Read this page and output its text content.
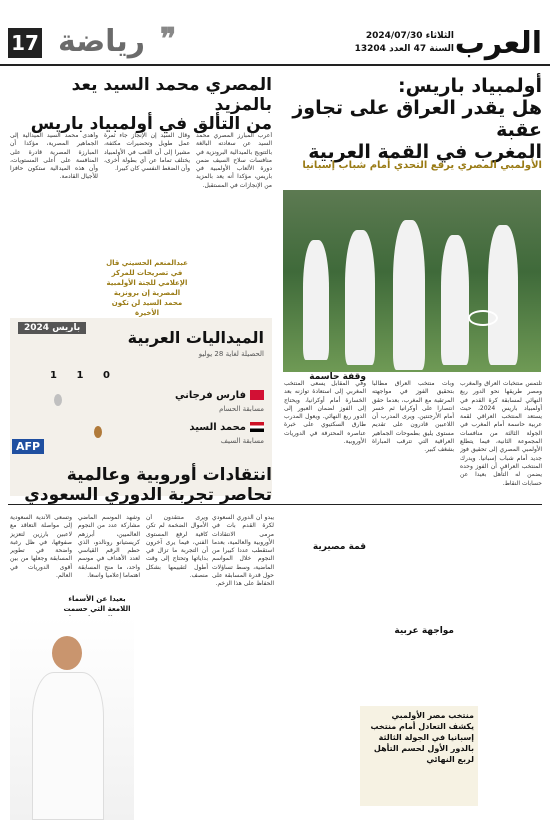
17	❞
رياضة	العرب
الثلاثاء 2024/07/30
السنة 47 العدد 13204
أولمبياد باريس:
هل يقدر العراق على تجاوز عقبة
المغرب في القمة العربية
الأولمبي المصري يرفع التحدي أمام شباب إسبانيا
تلتمس منتخبات العراق والمغرب ومصر طريقها نحو الدور ربع النهائي لمسابقة كرة القدم في أولمبياد باريس 2024، حيث يستعد المنتخب العراقي لقمة عربية حاسمة أمام المغرب في الجولة الثالثة من منافسات المجموعة الثانية، فيما يتطلع الأولمبي المصري إلى تحقيق فوز جديد أمام شباب إسبانيا. ويدرك المنتخب العراقي أن الفوز وحده يضمن له التأهل بعيدا عن حسابات النقاط.
وبات منتخب العراق مطالبا بتحقيق الفوز في مواجهته المرتقبة مع المغرب، بعدما حقق انتصارا على أوكرانيا ثم خسر أمام الأرجنتين. ويرى المدرب أن اللاعبين قادرون على تقديم مستوى يليق بطموحات الجماهير العراقية التي تترقب المباراة بشغف كبير.
وفي المقابل يسعى المنتخب المغربي إلى استعادة توازنه بعد الخسارة أمام أوكرانيا، ويحتاج إلى الفوز لضمان العبور إلى الدور ربع النهائي. ويعول المدرب طارق السكتيوي على خبرة عناصره المحترفة في الدوريات الأوروبية.
وقفة حاسمة
قمة مصيرية
مواجهة عربية
منتخب مصر الأولمبي يكشف التعادل أمام منتخب إسبانيا في الجولة الثالثة بالدور الأول لحسم التأهل لربع النهائي
المصري محمد السيد يعد بالمزيد
من التألق في أولمبياد باريس
أعرب المبارز المصري محمد السيد عن سعادته البالغة بالتتويج بالميدالية البرونزية في منافسات سلاح السيف ضمن دورة الألعاب الأولمبية في باريس، مؤكدا أنه يعد بالمزيد من الإنجازات في المستقبل.
وقال السيد إن الإنجاز جاء ثمرة عمل طويل وتحضيرات مكثفة، مشيرا إلى أن اللعب في الأولمبياد يختلف تماما عن أي بطولة أخرى، وأن الضغط النفسي كان كبيرا.
وأهدى محمد السيد الميدالية إلى الجماهير المصرية، مؤكدا أن المبارزة المصرية قادرة على المنافسة على أعلى المستويات، وأن هذه الميدالية ستكون حافزا للأجيال القادمة.
عبدالمنعم الحسيني قال في تصريحات للمركز الإعلامي للجنة الأولمبية المصرية إن برونزية محمد السيد لن تكون الأخيرة
باريس 2024	الميداليات العربية
الحصيلة لغاية 28 يوليو
1 1 0
فارس فرجاني
مسابقة الحسام
محمد السيد
مسابقة السيف
AFP
انتقادات أوروبية وعالمية
تحاصر تجربة الدوري السعودي
يبدو أن الدوري السعودي لكرة القدم بات في مرمى الانتقادات الأوروبية والعالمية، بعدما استقطب عددا كبيرا من النجوم خلال المواسم الماضية، وسط تساؤلات حول قدرة المسابقة على الحفاظ على هذا الزخم.
ويرى منتقدون أن الأموال الضخمة لم تكن كافية لرفع المستوى الفني، فيما يرى آخرون أن التجربة ما تزال في بداياتها وتحتاج إلى وقت أطول لتقييمها بشكل منصف.
وشهد الموسم الماضي مشاركة عدد من النجوم العالميين، أبرزهم كريستيانو رونالدو، الذي حطم الرقم القياسي لعدد الأهداف في موسم واحد، ما منح المسابقة اهتماما إعلاميا واسعا.
وتسعى الأندية السعودية إلى مواصلة التعاقد مع لاعبين بارزين لتعزيز صفوفها، في ظل رغبة واضحة في تطوير المسابقة وجعلها من بين أقوى الدوريات في العالم.
بعيدا عن الأسماء اللامعة التي حسمت
